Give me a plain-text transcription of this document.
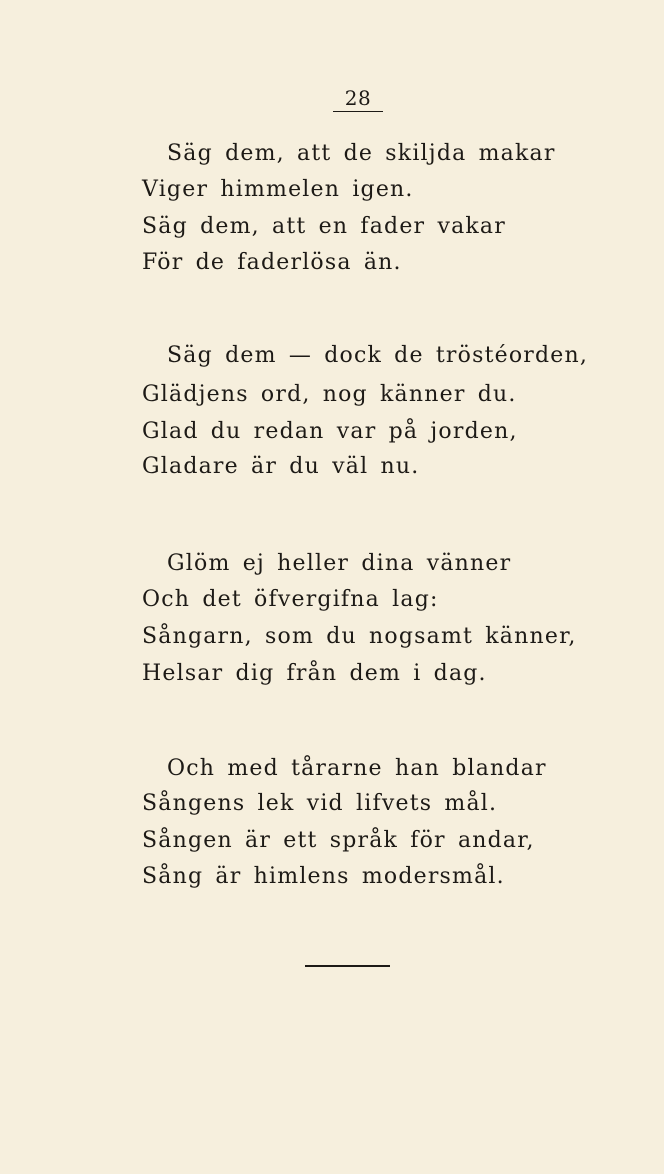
28
Säg dem, att de skiljda makar
Viger himmelen igen.
Säg dem, att en fader vakar
För de faderlösa än.
Säg dem — dock de tröstéorden,
Glädjens ord, nog känner du.
Glad du redan var på jorden,
Gladare är du väl nu.
Glöm ej heller dina vänner
Och det öfvergifna lag:
Sångarn, som du nogsamt känner,
Helsar dig från dem i dag.
Och med tårarne han blandar
Sångens lek vid lifvets mål.
Sången är ett språk för andar,
Sång är himlens modersmål.
